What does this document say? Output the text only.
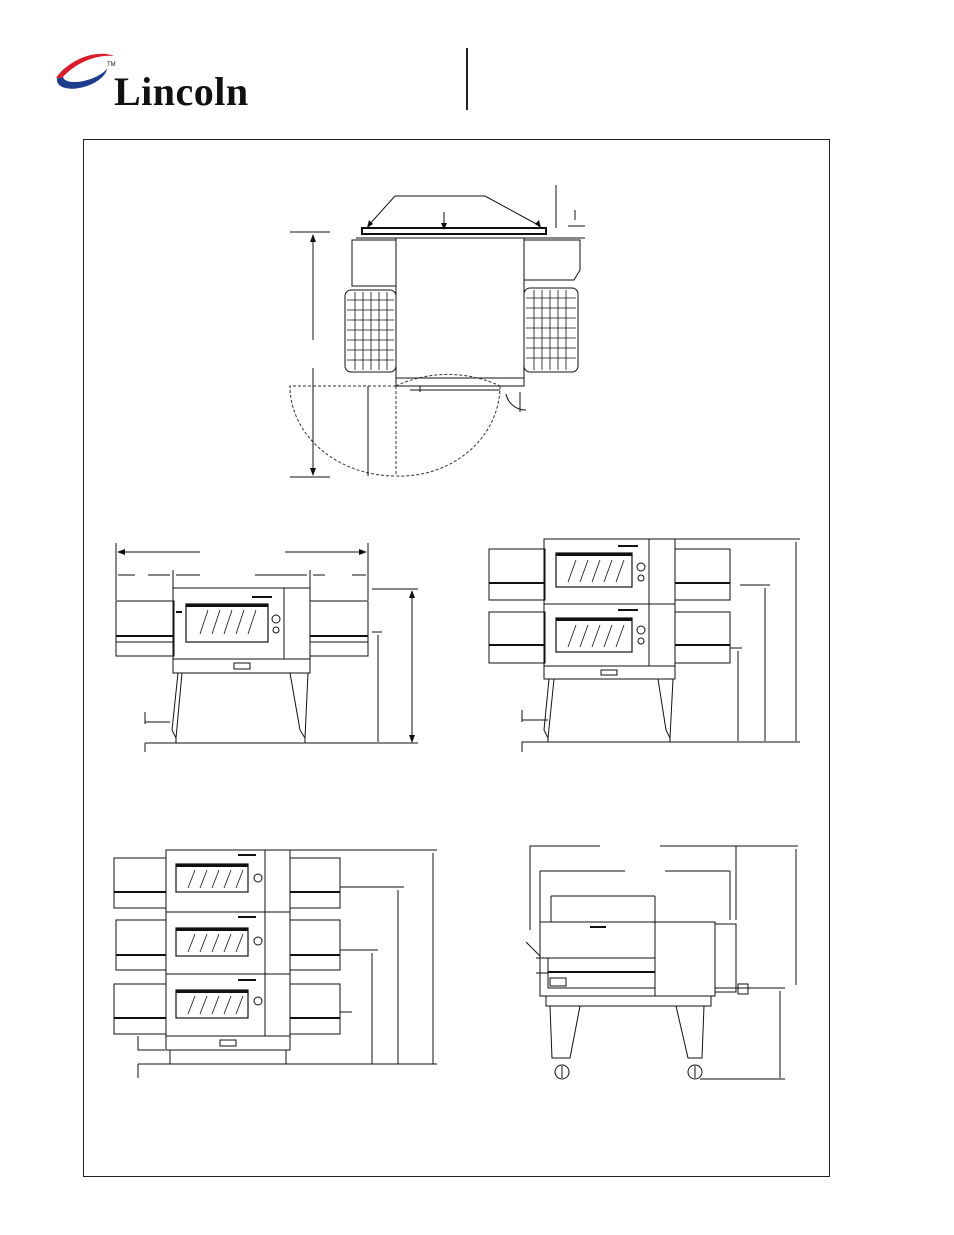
TM
Lincoln
